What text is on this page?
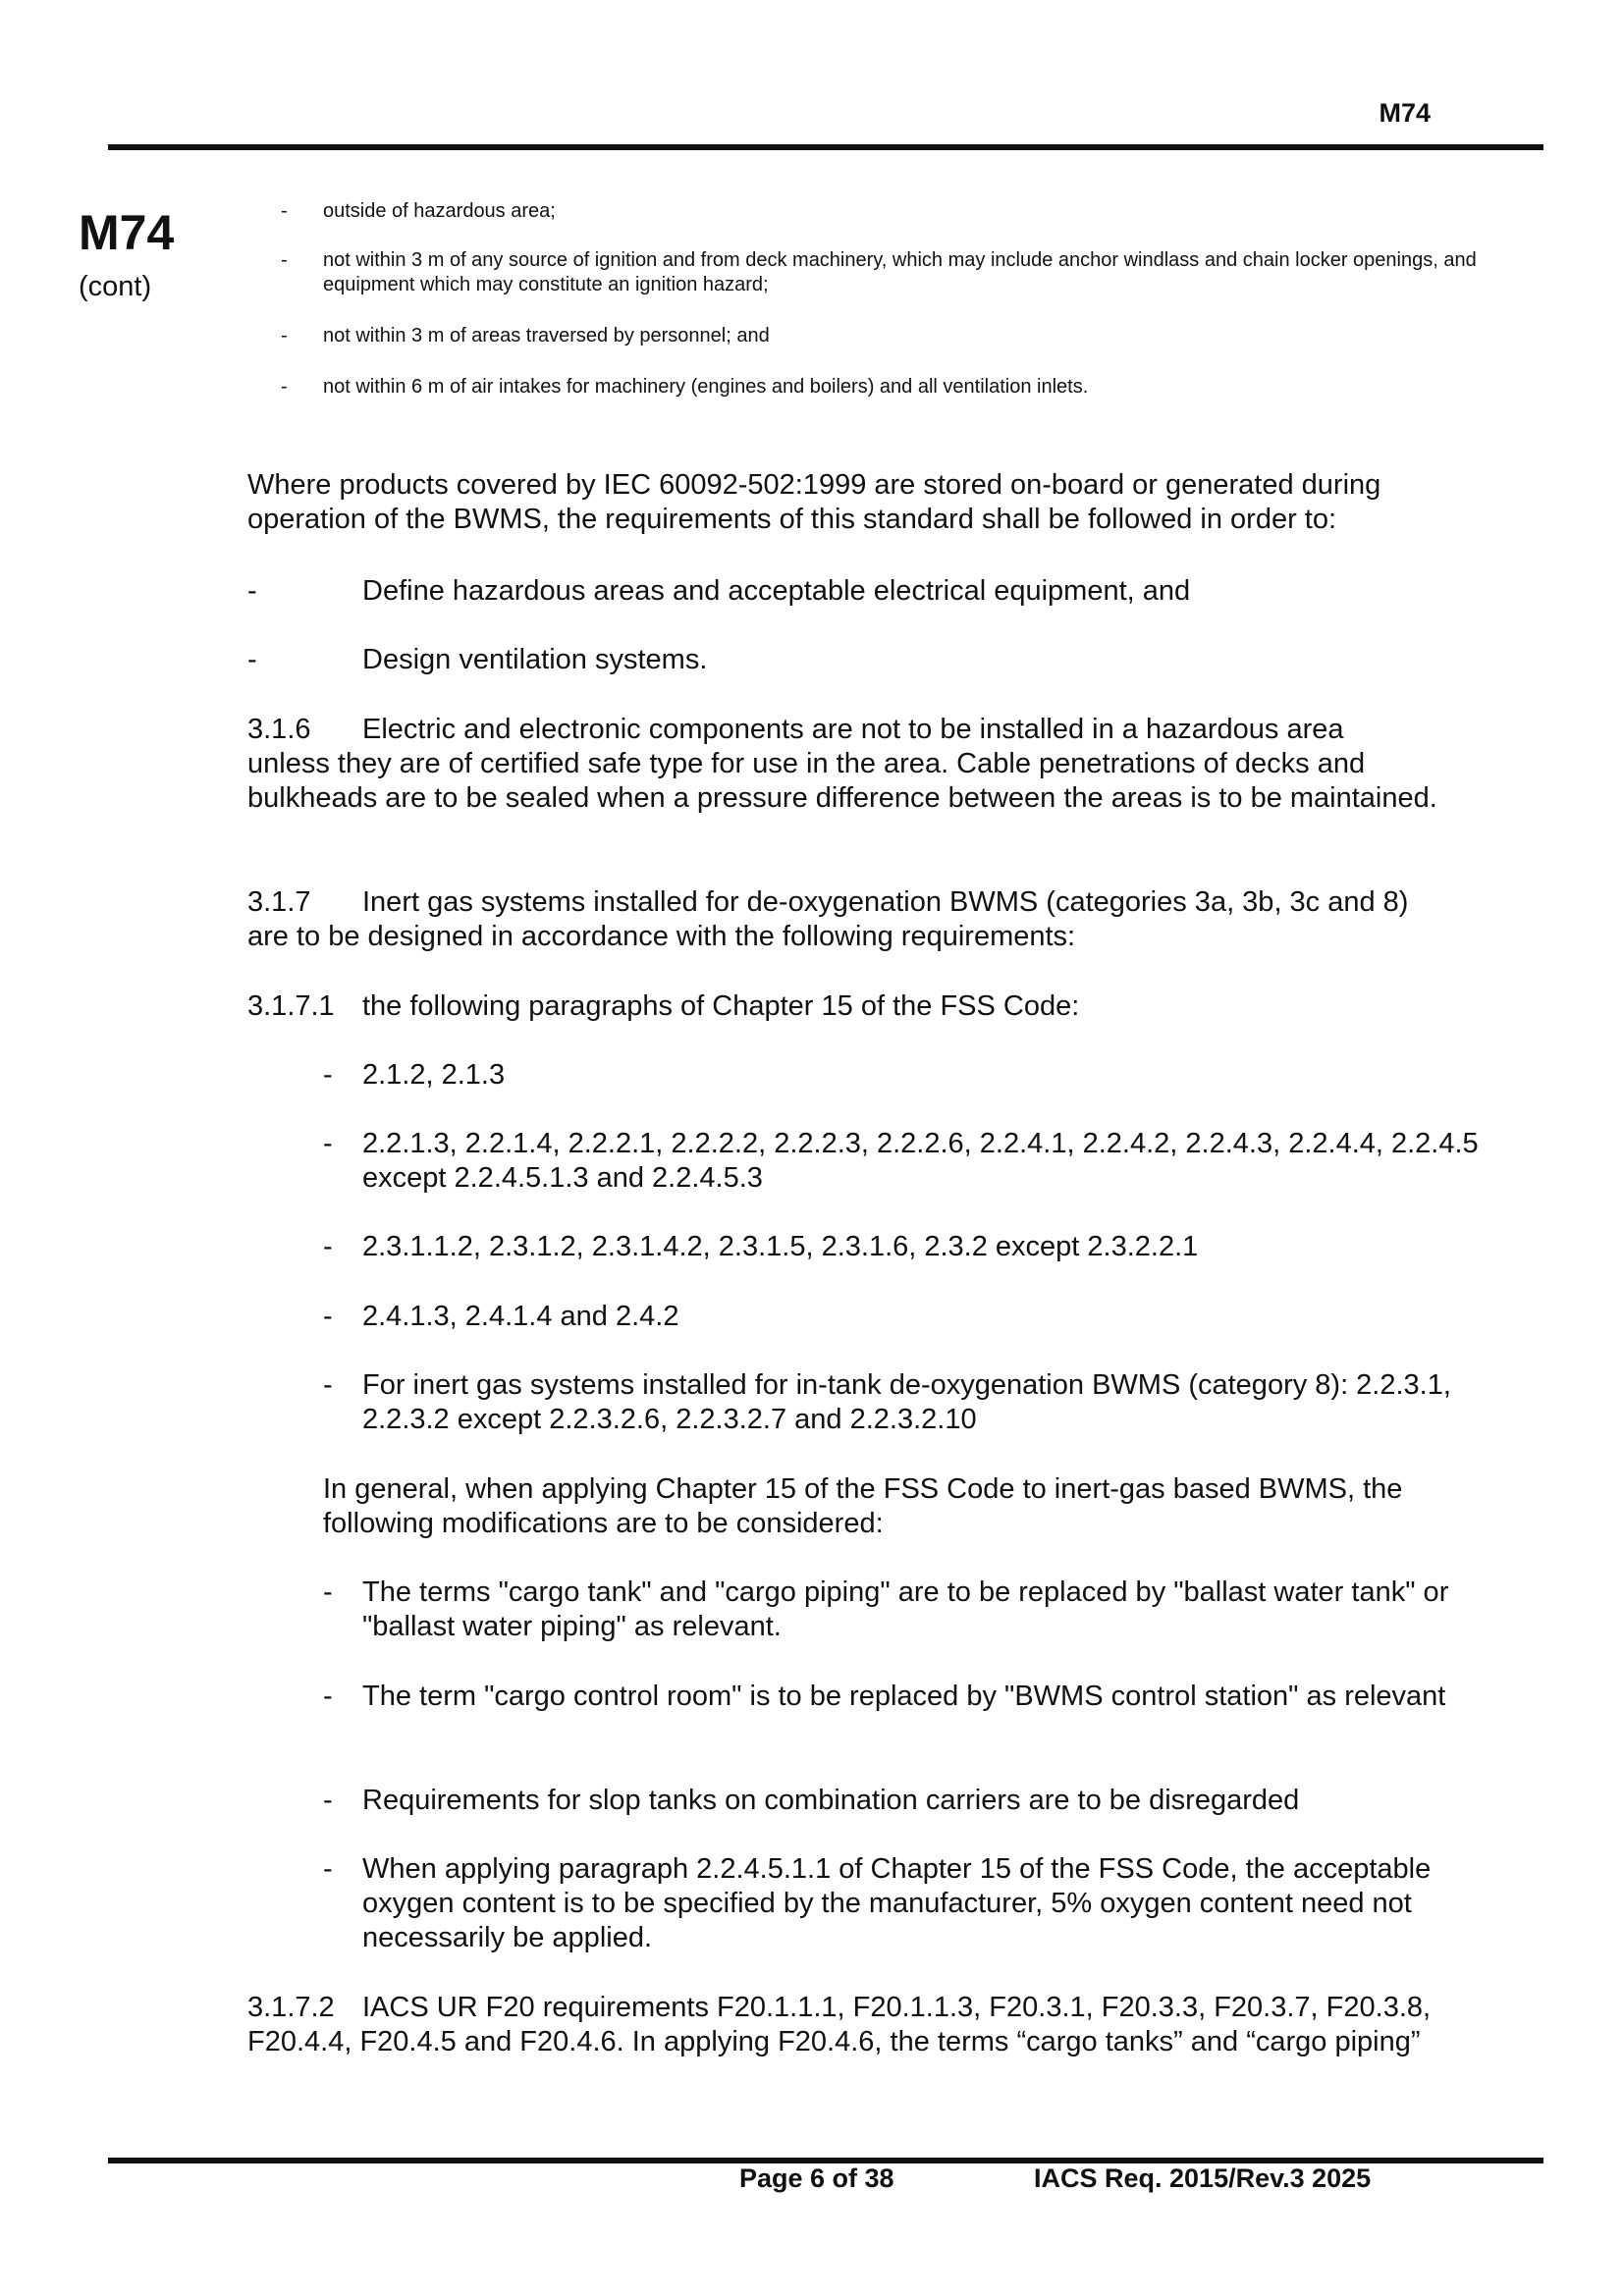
M74
M74
(cont)
- outside of hazardous area;
- not within 3 m of any source of ignition and from deck machinery, which may include anchor windlass and chain locker openings, and equipment which may constitute an ignition hazard;
- not within 3 m of areas traversed by personnel; and
- not within 6 m of air intakes for machinery (engines and boilers) and all ventilation inlets.
Where products covered by IEC 60092-502:1999 are stored on-board or generated during operation of the BWMS, the requirements of this standard shall be followed in order to:
-	Define hazardous areas and acceptable electrical equipment, and
-	Design ventilation systems.
3.1.6 Electric and electronic components are not to be installed in a hazardous area
unless they are of certified safe type for use in the area. Cable penetrations of decks and bulkheads are to be sealed when a pressure difference between the areas is to be maintained.
3.1.7 Inert gas systems installed for de-oxygenation BWMS (categories 3a, 3b, 3c and 8)
are to be designed in accordance with the following requirements:
3.1.7.1 the following paragraphs of Chapter 15 of the FSS Code:
- 2.1.2, 2.1.3
- 2.2.1.3, 2.2.1.4, 2.2.2.1, 2.2.2.2, 2.2.2.3, 2.2.2.6, 2.2.4.1, 2.2.4.2, 2.2.4.3, 2.2.4.4, 2.2.4.5 except 2.2.4.5.1.3 and 2.2.4.5.3
- 2.3.1.1.2, 2.3.1.2, 2.3.1.4.2, 2.3.1.5, 2.3.1.6, 2.3.2 except 2.3.2.2.1
- 2.4.1.3, 2.4.1.4 and 2.4.2
- For inert gas systems installed for in-tank de-oxygenation BWMS (category 8): 2.2.3.1, 2.2.3.2 except 2.2.3.2.6, 2.2.3.2.7 and 2.2.3.2.10
In general, when applying Chapter 15 of the FSS Code to inert-gas based BWMS, the following modifications are to be considered:
- The terms "cargo tank" and "cargo piping" are to be replaced by "ballast water tank" or "ballast water piping" as relevant.
- The term "cargo control room" is to be replaced by "BWMS control station" as relevant
- Requirements for slop tanks on combination carriers are to be disregarded
- When applying paragraph 2.2.4.5.1.1 of Chapter 15 of the FSS Code, the acceptable oxygen content is to be specified by the manufacturer, 5% oxygen content need not necessarily be applied.
3.1.7.2 IACS UR F20 requirements F20.1.1.1, F20.1.1.3, F20.3.1, F20.3.3, F20.3.7, F20.3.8,
F20.4.4, F20.4.5 and F20.4.6. In applying F20.4.6, the terms “cargo tanks” and “cargo piping”
Page 6 of 38	IACS Req. 2015/Rev.3 2025
